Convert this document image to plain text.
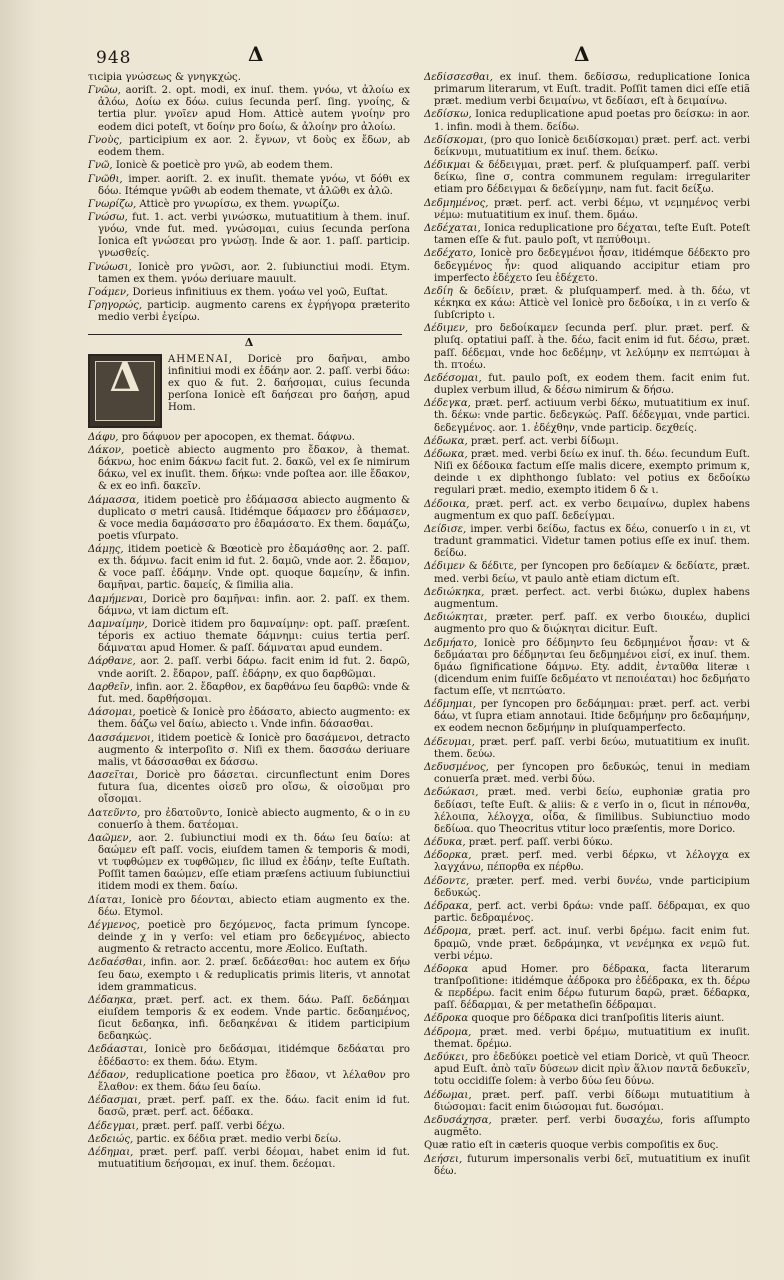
948	Δ	Δ

τιcipia γνώσεως & γνηγκχώς.

Γνῶω, aoriſt. 2. opt. modi, ex inuſ. them. γνόω, vt ἀλοίω ex ἀλόω, Δοίω ex δόω. cuius ſecunda perſ. ſing. γνοίης, & tertia plur. γνοῖεν apud Hom. Atticè autem γνοίην pro eodem dici poteſt, vt δοίην pro δοίω, & ἀλοίην pro ἀλοίω.

Γνοὺς, participium ex aor. 2. ἔγνων, vt δοὺς ex ἔδων, ab eodem them.

Γνῶ, Ionicè & poeticè pro γνῶ, ab eodem them.

Γνῶθι, imper. aoriſt. 2. ex inuſit. themate γνόω, vt δόθι ex δόω. Itémque γνῶθι ab eodem themate, vt ἀλῶθι ex ἀλῶ.

Γνωρίζω, Atticè pro γνωρίσω, ex them. γνωρίζω.

Γνώσω, fut. 1. act. verbi γινώσκω, mutuatitium à them. inuſ. γνόω, vnde fut. med. γνώσομαι, cuius ſecunda perſona Ionica eſt γνώσεαι pro γνώσῃ. Inde & aor. 1. paſſ. particip. γνωσθείς.

Γνώωσι, Ionicè pro γνῶσι, aor. 2. ſubiunctiui modi. Etym. tamen ex them. γνόω deriuare mauult.

Γοάμεν, Dorieus infinitiuus ex them. γοάω vel γοῶ, Euſtat.

Γρηγορώς, particip. augmento carens ex ἐγρήγορα præterito medio verbi ἐγείρω.

Δ
Δ	ΑΗΜΕΝΑΙ, Doricè pro δαῆναι, ambo infinitiui modi ex ἐδάην aor. 2. paſſ. verbi δάω: ex quo & fut. 2. δαήσομαι, cuius ſecunda perſona Ionicè eſt δαήσεαι pro δαήσῃ, apud Hom.

Δάφυ, pro δάφυον per apocopen, ex themat. δάφνω.

Δάκον, poeticè abiecto augmento pro ἔδακον, à themat. δάκνω, hoc enim δάκνω facit fut. 2. δακῶ, vel ex ſe nimirum δάκω, vel ex inuſit. them. δήκω: vnde poſtea aor. ille ἔδακον, & ex eo infi. δακεῖν.

Δάμασσα, itidem poeticè pro ἐδάμασσα abiecto augmento & duplicato σ metri causâ. Itidémque δάμασεν pro ἐδάμασεν, & voce media δαμάσσατο pro ἐδαμάσατο. Ex them. δαμάζω, poetis vſurpato.

Δάμῃς, itidem poeticè & Bœoticè pro ἐδαμάσθης aor. 2. paſſ. ex th. δάμνω. facit enim id fut. 2. δαμῶ, vnde aor. 2. ἔδαμον, & voce paſſ. ἐδάμην. Vnde opt. quoque δαμείην, & infin. δαμῆναι, partic. δαμείς, & ſimilia alia.

Δαμήμεναι, Doricè pro δαμῆναι: infin. aor. 2. paſſ. ex them. δάμνω, vt iam dictum eſt.

Δαμναίμην, Doricè itidem pro δαμναίμην: opt. paſſ. præſent. téporis ex actiuo themate δάμνημι: cuius tertia perſ. δάμναται apud Homer. & paſſ. δάμναται apud eundem.

Δάρθανε, aor. 2. paſſ. verbi δάρω. facit enim id fut. 2. δαρῶ, vnde aoriſt. 2. ἔδαρον, paſſ. ἐδάρην, ex quo δαρθῶμαι.

Δαρθεῖν, infin. aor. 2. ἔδαρθον, ex δαρθάνω ſeu δαρθῶ: vnde & fut. med. δαρθήσομαι.

Δάσομαι, poeticè & Ionicè pro ἐδάσατο, abiecto augmento: ex them. δάζω vel δαίω, abiecto ι. Vnde infin. δάσασθαι.

Δασσάμενοι, itidem poeticè & Ionicè pro δασάμενοι, detracto augmento & interpoſito σ. Niſi ex them. δασσάω deriuare malis, vt δάσσασθαι ex δάσσω.

Δασεῖται, Doricè pro δάσεται. circunflectunt enim Dores futura ſua, dicentes οἰσεῦ pro οἴσω, & οἰσοῦμαι pro οἴσομαι.

Δατεῦντο, pro ἐδατοῦντο, Ionicè abiecto augmento, & ο in ευ conuerſo à them. δατέομαι.

Δαῶμεν, aor. 2. ſubiunctiui modi ex th. δάω ſeu δαίω: at δαώμεν eſt paſſ. vocis, eiuſdem tamen & temporis & modi, vt τυφθώμεν ex τυφθῶμεν, ſic illud ex ἐδάην, teſte Euſtath. Poſſit tamen δαώμεν, eſſe etiam præſens actiuum ſubiunctiui itidem modi ex them. δαίω.

Δίαται, Ionicè pro δέονται, abiecto etiam augmento ex the. δέω. Etymol.

Δέγμενος, poeticè pro δεχόμενος, facta primum ſyncope. deinde χ in γ verſo: vel etiam pro δεδεγμένος, abiecto augmento & retracto accentu, more Æolico. Euſtath.

Δεδαέσθαι, infin. aor. 2. præſ. δεδάεσθαι: hoc autem ex δήω ſeu δαω, exempto ι & reduplicatis primis literis, vt annotat idem grammaticus.

Δέδαηκα, præt. perf. act. ex them. δάω. Paſſ. δεδάημαι eiuſdem temporis & ex eodem. Vnde partic. δεδαημένος, ſicut δεδαηκα, infi. δεδαηκέναι & itidem participium δεδαηκώς.

Δεδάασται, Ionicè pro δεδάσμαι, itidémque δεδάαται pro ἐδέδαστο: ex them. δάω. Etym.

Δέδαον, reduplicatione poetica pro ἔδαον, vt λέλαθον pro ἔλαθον: ex them. δάω ſeu δαίω.

Δέδασμαι, præt. perf. paſſ. ex the. δάω. facit enim id fut. δασῶ, præt. perf. act. δέδακα.

Δέδεγμαι, præt. perf. paſſ. verbi δέχω.

Δεδειώς, partic. ex δέδια præt. medio verbi δείω.

Δέδημαι, præt. perf. paſſ. verbi δέομαι, habet enim id fut. mutuatitium δεήσομαι, ex inuſ. them. δεέομαι.

Δεδίσσεσθαι, ex inuſ. them. δεδίσσω, reduplicatione Ionica primarum literarum, vt Euſt. tradit. Poſſit tamen dici eſſe etiã præt. medium verbi δειμαίνω, vt δεδίασι, eſt à δειμαίνω.

Δεδίσκω, Ionica reduplicatione apud poetas pro δείσκω: in aor. 1. infin. modi à them. δείδω.

Δεδίσκομαι, (pro quo Ionicè δειδίσκομαι) præt. perf. act. verbi δείκνυμι, mutuatitium ex inuſ. them. δείκω.

Δέδικμαι & δέδειγμαι, præt. perf. & pluſquamperf. paſſ. verbi δείκω, ſine σ, contra communem regulam: irregulariter etiam pro δέδειγμαι & δεδείγμην, nam fut. facit δείξω.

Δεδμημένος, præt. perf. act. verbi δέμω, vt νεμημένος verbi νέμω: mutuatitium ex inuſ. them. δμάω.

Δεδέχαται, Ionica reduplicatione pro δέχαται, teſte Euſt. Poteſt tamen eſſe & fut. paulo poſt, vt πεπύθοιμι.

Δεδέχατο, Ionicè pro δεδεγμένοι ἦσαν, itidémque δέδεκτο pro δεδεγμένος ἦν: quod aliquando accipitur etiam pro imperfecto ἐδέχετο ſeu ἐδέχετο.

Δεδίη & δεδίειν, præt. & pluſquamperf. med. à th. δέω, vt κέκηκα ex κάω: Atticè vel Ionicè pro δεδοίκα, ι in ει verſo & ſubſcripto ι.

Δέδιμεν, pro δεδοίκαμεν ſecunda perſ. plur. præt. perf. & pluſq. optatiui paſſ. à the. δέω, facit enim id fut. δέσω, præt. paſſ. δέδεμαι, vnde hoc δεδέμην, vt λελύμην ex πεπτώμαι à th. πτοέω.

Δεδέσομαι, fut. paulo poſt, ex eodem them. facit enim fut. duplex verbum illud, & δέσω nimirum & δήσω.

Δέδεγκα, præt. perf. actiuum verbi δέκω, mutuatitium ex inuſ. th. δέκω: vnde partic. δεδεγκώς. Paſſ. δέδεγμαι, vnde partici. δεδεγμένος. aor. 1. ἐδέχθην, vnde particip. δεχθείς.

Δέδωκα, præt. perf. act. verbi δίδωμι.

Δέδωκα, præt. med. verbi δείω ex inuſ. th. δέω. ſecundum Euſt. Niſi ex δέδοικα factum eſſe malis dicere, exempto primum κ, deinde ι ex diphthongo ſublato: vel potius ex δεδοίκω regulari præt. medio, exempto itidem δ & ι.

Δέδοικα, præt. perf. act. ex verbo δειμαίνω, duplex habens augmentum ex quo paſſ. δεδείγμαι.

Δείδισε, imper. verbi δείδω, factus ex δέω, conuerſo ι in ει, vt tradunt grammatici. Videtur tamen potius eſſe ex inuſ. them. δείδω.

Δέδιμεν & δέδιτε, per ſyncopen pro δεδίαμεν & δεδίατε, præt. med. verbi δείω, vt paulo antè etiam dictum eſt.

Δεδιώκηκα, præt. perfect. act. verbi διώκω, duplex habens augmentum.

Δεδιώκηται, præter. perf. paſſ. ex verbo διοικέω, duplici augmento pro quo & διῴκηται dicitur. Euſt.

Δεδμήατο, Ionicè pro δέδμηντο ſeu δεδμημένοι ἦσαν: vt & δεδμάαται pro δέδμηνται ſeu δεδμημένοι εἰσί, ex inuſ. them. δμάω ſignificatione δάμνω. Ety. addit, ἐνταῦθα literæ ι (dicendum enim fuiſſe δεδμέατο vt πεποιέαται) hoc δεδμήατο factum eſſe, vt πεπτώατο.

Δέδμημαι, per ſyncopen pro δεδάμημαι: præt. perf. act. verbi δάω, vt ſupra etiam annotaui. Itide δεδμήμην pro δεδαμήμην, ex eodem necnon δεδμήμην in pluſquamperfecto.

Δέδευμαι, præt. perf. paſſ. verbi δεύω, mutuatitium ex inuſit. them. δεύω.

Δεδυσμένος, per ſyncopen pro δεδυκώς, tenui in mediam conuerſa præt. med. verbi δύω.

Δεδώκασι, præt. med. verbi δείω, euphoniæ gratia pro δεδίασι, teſte Euſt. & aliis: & ε verſo in ο, ſicut in πέπονθα, λέλοιπα, λέλογχα, οἶδα, & ſimilibus. Subiunctiuo modo δεδίωα. quo Theocritus vtitur loco præſentis, more Dorico.

Δέδυκα, præt. perf. paſſ. verbi δύκω.

Δέδορκα, præt. perf. med. verbi δέρκω, vt λέλογχα ex λαγχάνω, πέπορθα ex πέρθω.

Δέδοντε, præter. perf. med. verbi δυνέω, vnde participium δεδυκώς.

Δέδρακα, perf. act. verbi δράω: vnde paſſ. δέδραμαι, ex quo partic. δεδραμένος.

Δέδρομα, præt. perf. act. inuſ. verbi δρέμω. facit enim fut. δραμῶ, vnde præt. δεδράμηκα, vt νενέμηκα ex νεμῶ fut. verbi νέμω.

Δέδορκα apud Homer. pro δέδρακα, facta literarum tranſpoſitione: itidémque ἀέδροκα pro ἐδέδρακα, ex th. δέρω & περδέρω. facit enim δέρω futurum δαρῶ, præt. δέδαρκα, paſſ. δέδαρμαι, & per metatheſin δέδραμαι.

Δέδροκα quoque pro δέδρακα dici tranſpoſitis literis aiunt.

Δέδρομα, præt. med. verbi δρέμω, mutuatitium ex inuſit. themat. δρέμω.

Δεδύκει, pro ἐδεδύκει poeticè vel etiam Doricè, vt quũ Theocr. apud Euſt. ἀπὸ ταῖν δύσεων dicit πρὶν ἅλιον παντᾶ δεδυκεῖν, totu occidiſſe ſolem: à verbo δύω ſeu δύνω.

Δέδωμαι, præt. perf. paſſ. verbi δίδωμι mutuatitium à διώσομαι: facit enim διώσομαι fut. δωσόμαι.

Δεδυσάχησα, præter. perf. verbi δυσαχέω, foris aſſumpto augmẽto.

Quæ ratio eſt in cæteris quoque verbis compoſitis ex δυς.

Δεήσει, futurum impersonalis verbi δεῖ, mutuatitium ex inuſit δέω.
